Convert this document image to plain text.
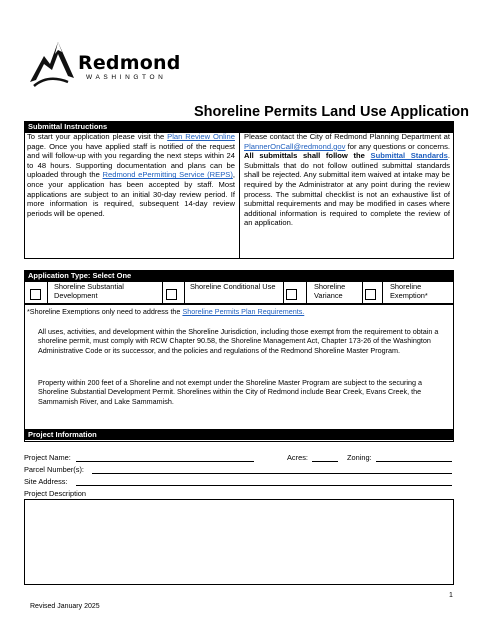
Redmond
WASHINGTON
Shoreline Permits Land Use Application
Submittal Instructions
To start your application please visit the Plan Review Online page. Once you have applied staff is notified of the request and will follow-up with you regarding the next steps within 24 to 48 hours. Supporting documentation and plans can be uploaded through the Redmond ePermitting Service (REPS), once your application has been accepted by staff. Most applications are subject to an initial 30-day review period. If more information is required, subsequent 14-day review periods will be opened.
Please contact the City of Redmond Planning Department at PlannerOnCall@redmond.gov for any questions or concerns. All submittals shall follow the Submittal Standards. Submittals that do not follow outlined submittal standards shall be rejected. Any submittal item waived at intake may be required by the Administrator at any point during the review process. The submittal checklist is not an exhaustive list of submittal requirements and may be modified in cases where additional information is required to complete the review of an application.
Application Type: Select One
Shoreline Substantial Development
Shoreline Conditional Use	Shoreline Variance
Shoreline Exemption*
*Shoreline Exemptions only need to address the Shoreline Permits Plan Requirements.
All uses, activities, and development within the Shoreline Jurisdiction, including those exempt from the requirement to obtain a shoreline permit, must comply with RCW Chapter 90.58, the Shoreline Management Act, Chapter 173-26 of the Washington Administrative Code or its successor, and the policies and regulations of the Redmond Shoreline Master Program.
Property within 200 feet of a Shoreline and not exempt under the Shoreline Master Program are subject to the securing a Shoreline Substantial Development Permit. Shorelines within the City of Redmond include Bear Creek, Evans Creek, the Sammamish River, and Lake Sammamish.
Project Information
Project Name:	Acres:	Zoning:
Parcel Number(s):
Site Address:
Project Description
1
Revised January 2025
